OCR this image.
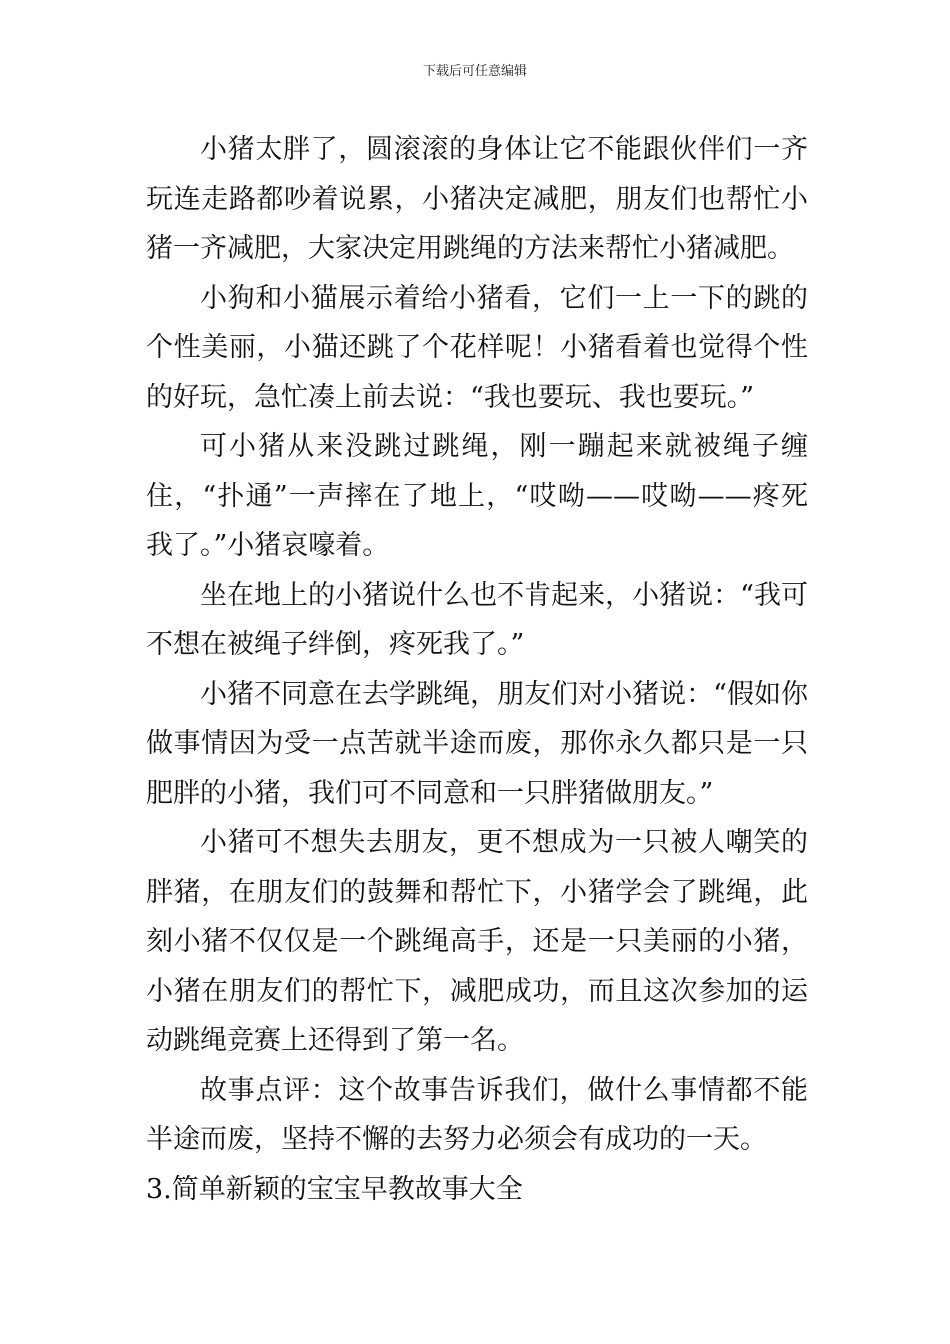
下载后可任意编辑

小猪太胖了，圆滚滚的身体让它不能跟伙伴们一齐玩连走路都吵着说累，小猪决定减肥，朋友们也帮忙小猪一齐减肥，大家决定用跳绳的方法来帮忙小猪减肥。

小狗和小猫展示着给小猪看，它们一上一下的跳的个性美丽，小猫还跳了个花样呢！小猪看着也觉得个性的好玩，急忙凑上前去说：“我也要玩、我也要玩。”

可小猪从来没跳过跳绳，刚一蹦起来就被绳子缠住，“扑通”一声摔在了地上，“哎呦——哎呦——疼死我了。”小猪哀嚎着。

坐在地上的小猪说什么也不肯起来，小猪说：“我可不想在被绳子绊倒，疼死我了。”

小猪不同意在去学跳绳，朋友们对小猪说：“假如你做事情因为受一点苦就半途而废，那你永久都只是一只肥胖的小猪，我们可不同意和一只胖猪做朋友。”

小猪可不想失去朋友，更不想成为一只被人嘲笑的胖猪，在朋友们的鼓舞和帮忙下，小猪学会了跳绳，此刻小猪不仅仅是一个跳绳高手，还是一只美丽的小猪，小猪在朋友们的帮忙下，减肥成功，而且这次参加的运动跳绳竞赛上还得到了第一名。

故事点评：这个故事告诉我们，做什么事情都不能半途而废，坚持不懈的去努力必须会有成功的一天。

3.简单新颖的宝宝早教故事大全
